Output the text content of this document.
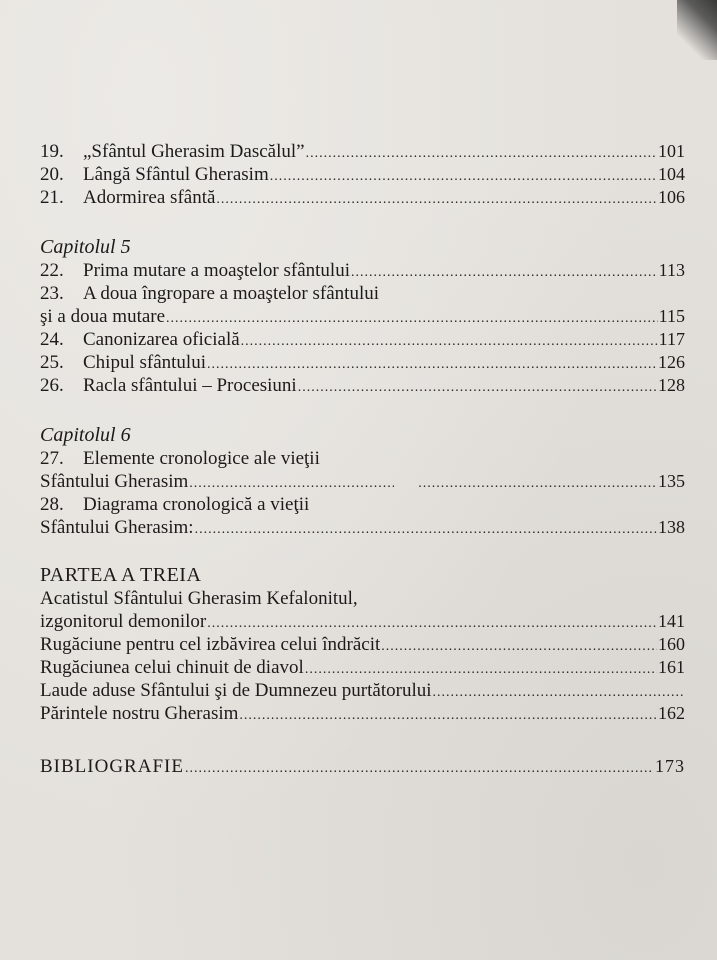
19.	„Sfântul Gherasim Dascălul” .....	101
20.	Lângă Sfântul Gherasim .....	104
21.	Adormirea sfântă .....	106
Capitolul 5
22.	Prima mutare a moaştelor sfântului .....	113
23. A doua îngropare a moaştelor sfântului
şi a doua mutare .....	115
24.	Canonizarea oficială .....	117
25.	Chipul sfântului .....	126
26.	Racla sfântului – Procesiuni .....	128
Capitolul 6
27. Elemente cronologice ale vieţii
Sfântului Gherasim ..... .....	135
28. Diagrama cronologică a vieţii
Sfântului Gherasim: .....	138
PARTEA A TREIA
Acatistul Sfântului Gherasim Kefalonitul,
izgonitorul demonilor .....	141
Rugăciune pentru cel izbăvirea celui îndrăcit .....	160
Rugăciunea celui chinuit de diavol .....	161
Laude aduse Sfântului şi de Dumnezeu purtătorului
.....
Părintele nostru Gherasim .....	162
BIBLIOGRAFIE .....	173
